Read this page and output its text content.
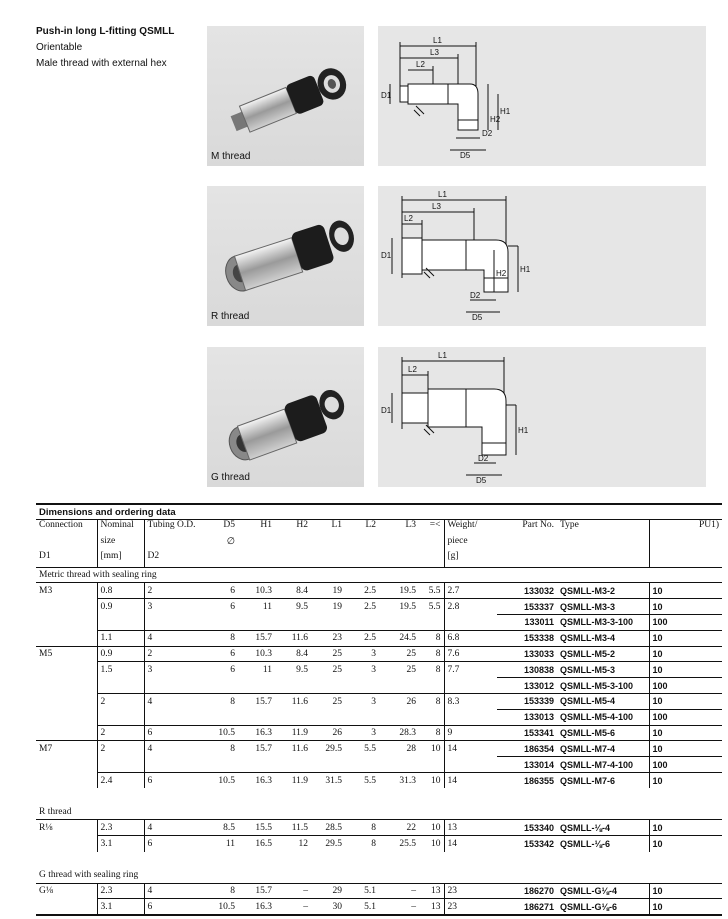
Push-in long L-fitting QSMLL
Orientable
Male thread with external hex
M thread
R thread
G thread
L1
L3
L2
D1
D2
D5
H1
H2
L1
L3
L2
D1
D2
D5
H1
H2
L1
L2
D1
D2
D5
H1
Dimensions and ordering data													
Connection	Nominal	Tubing O.D.	D5	H1	H2	L1	L2	L3	=<	Weight/	Part No.	Type	PU1)
	size		∅							piece			
D1	[mm]	D2								[g]			
Metric thread with sealing ring													
M3	0.8	2	6	10.3	8.4	19	2.5	19.5	5.5	2.7	133032	QSMLL-M3-2	10
	0.9	3	6	11	9.5	19	2.5	19.5	5.5	2.8	153337	QSMLL-M3-3	10
											133011	QSMLL-M3-3-100	100
	1.1	4	8	15.7	11.6	23	2.5	24.5	8	6.8	153338	QSMLL-M3-4	10
M5	0.9	2	6	10.3	8.4	25	3	25	8	7.6	133033	QSMLL-M5-2	10
	1.5	3	6	11	9.5	25	3	25	8	7.7	130838	QSMLL-M5-3	10
											133012	QSMLL-M5-3-100	100
	2	4	8	15.7	11.6	25	3	26	8	8.3	153339	QSMLL-M5-4	10
											133013	QSMLL-M5-4-100	100
	2	6	10.5	16.3	11.9	26	3	28.3	8	9	153341	QSMLL-M5-6	10
M7	2	4	8	15.7	11.6	29.5	5.5	28	10	14	186354	QSMLL-M7-4	10
											133014	QSMLL-M7-4-100	100
	2.4	6	10.5	16.3	11.9	31.5	5.5	31.3	10	14	186355	QSMLL-M7-6	10

R thread													
R⅛	2.3	4	8.5	15.5	11.5	28.5	8	22	10	13	153340	QSMLL-⅛-4	10
	3.1	6	11	16.5	12	29.5	8	25.5	10	14	153342	QSMLL-⅛-6	10

G thread with sealing ring													
G⅛	2.3	4	8	15.7	–	29	5.1	–	13	23	186270	QSMLL-G⅛-4	10
	3.1	6	10.5	16.3	–	30	5.1	–	13	23	186271	QSMLL-G⅛-6	10
